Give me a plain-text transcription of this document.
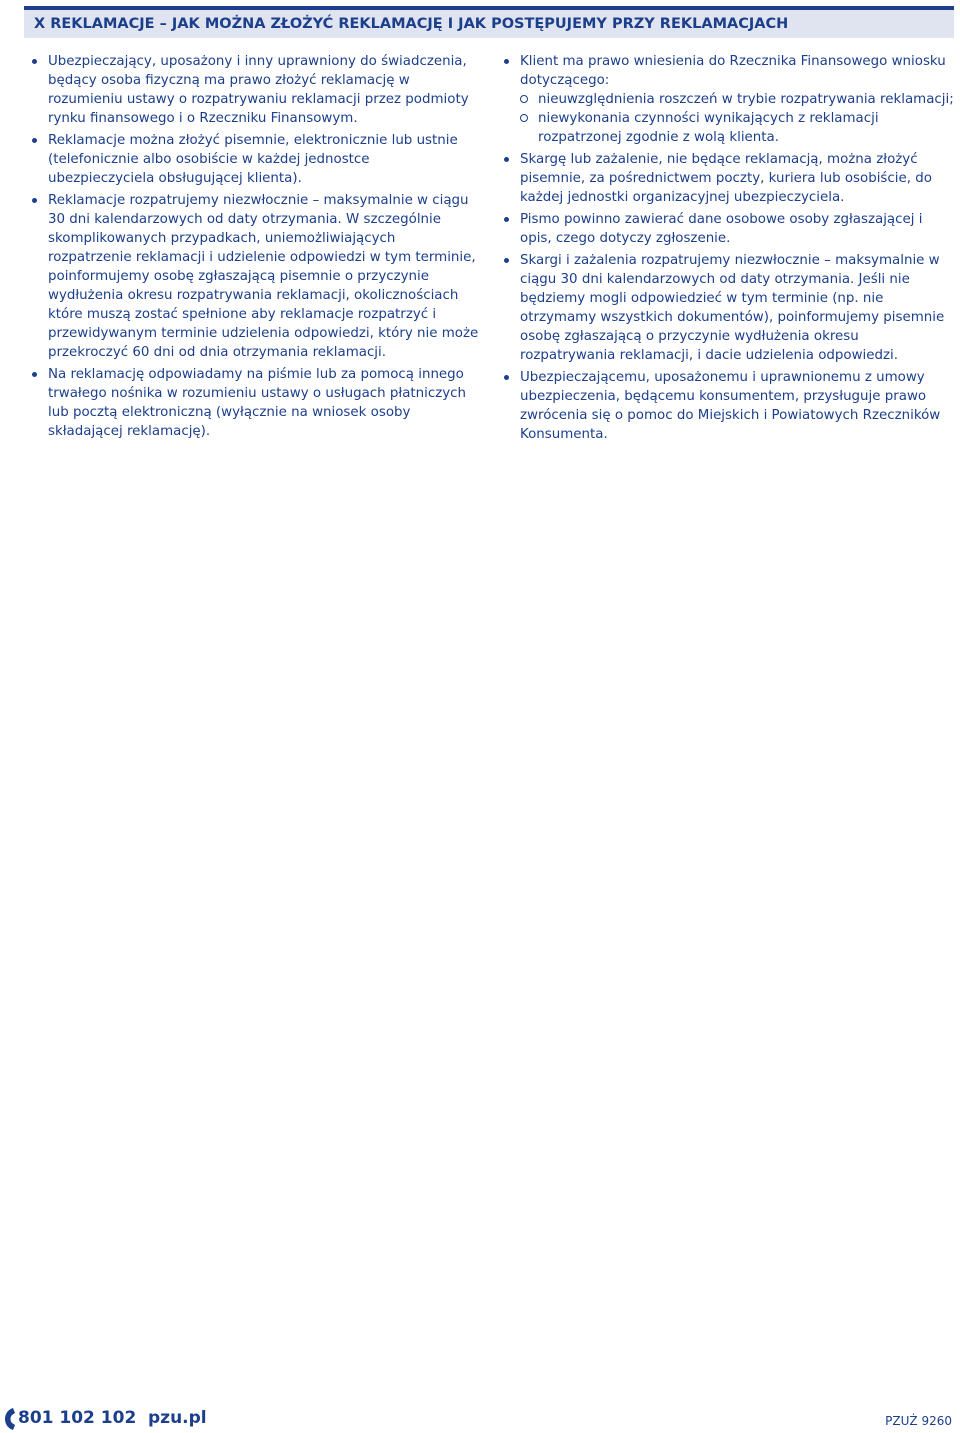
X REKLAMACJE – JAK MOŻNA ZŁOŻYĆ REKLAMACJĘ I JAK POSTĘPUJEMY PRZY REKLAMACJACH
Ubezpieczający, uposażony i inny uprawniony do świadczenia, będący osoba fizyczną ma prawo złożyć reklamację w rozumieniu ustawy o rozpatrywaniu reklamacji przez podmioty rynku finansowego i o Rzeczniku Finansowym.
Reklamacje można złożyć pisemnie, elektronicznie lub ustnie (telefonicznie albo osobiście w każdej jednostce ubezpieczyciela obsługującej klienta).
Reklamacje rozpatrujemy niezwłocznie – maksymalnie w ciągu 30 dni kalendarzowych od daty otrzymania. W szczególnie skomplikowanych przypadkach, uniemożliwiających rozpatrzenie reklamacji i udzielenie odpowiedzi w tym terminie, poinformujemy osobę zgłaszającą pisemnie o przyczynie wydłużenia okresu rozpatrywania reklamacji, okolicznościach które muszą zostać spełnione aby reklamacje rozpatrzyć i przewidywanym terminie udzielenia odpowiedzi, który nie może przekroczyć 60 dni od dnia otrzymania reklamacji.
Na reklamację odpowiadamy na piśmie lub za pomocą innego trwałego nośnika w rozumieniu ustawy o usługach płatniczych lub pocztą elektroniczną (wyłącznie na wniosek osoby składającej reklamację).
Klient ma prawo wniesienia do Rzecznika Finansowego wniosku dotyczącego:
nieuwzględnienia roszczeń w trybie rozpatrywania reklamacji;
niewykonania czynności wynikających z reklamacji rozpatrzonej zgodnie z wolą klienta.
Skargę lub zażalenie, nie będące reklamacją, można złożyć pisemnie, za pośrednictwem poczty, kuriera lub osobiście, do każdej jednostki organizacyjnej ubezpieczyciela.
Pismo powinno zawierać dane osobowe osoby zgłaszającej i opis, czego dotyczy zgłoszenie.
Skargi i zażalenia rozpatrujemy niezwłocznie – maksymalnie w ciągu 30 dni kalendarzowych od daty otrzymania. Jeśli nie będziemy mogli odpowiedzieć w tym terminie (np. nie otrzymamy wszystkich dokumentów), poinformujemy pisemnie osobę zgłaszającą o przyczynie wydłużenia okresu rozpatrywania reklamacji, i dacie udzielenia odpowiedzi.
Ubezpieczającemu, uposażonemu i uprawnionemu z umowy ubezpieczenia, będącemu konsumentem, przysługuje prawo zwrócenia się o pomoc do Miejskich i Powiatowych Rzeczników Konsumenta.
801 102 102 pzu.pl	PZUŻ 9260
